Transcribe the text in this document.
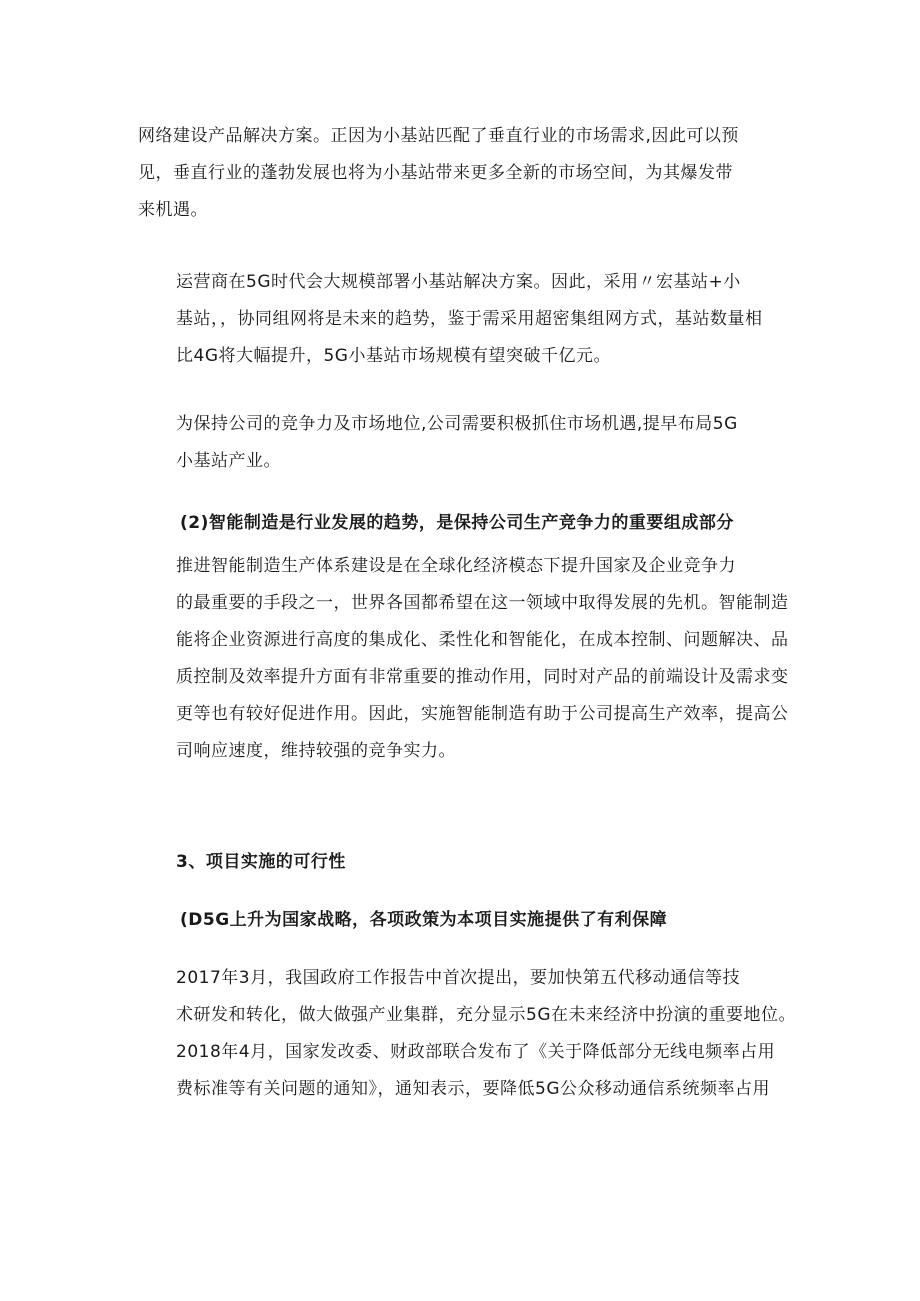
网络建设产品解决方案。正因为小基站匹配了垂直行业的市场需求,因此可以预
见，垂直行业的蓬勃发展也将为小基站带来更多全新的市场空间，为其爆发带
来机遇。

运营商在5G时代会大规模部署小基站解决方案。因此，采用〃宏基站+小
基站，，协同组网将是未来的趋势，鉴于需采用超密集组网方式，基站数量相
比4G将大幅提升，5G小基站市场规模有望突破千亿元。

为保持公司的竞争力及市场地位,公司需要积极抓住市场机遇,提早布局5G
小基站产业。

(2)智能制造是行业发展的趋势，是保持公司生产竞争力的重要组成部分

推进智能制造生产体系建设是在全球化经济模态下提升国家及企业竞争力
的最重要的手段之一，世界各国都希望在这一领域中取得发展的先机。智能制造
能将企业资源进行高度的集成化、柔性化和智能化，在成本控制、问题解决、品
质控制及效率提升方面有非常重要的推动作用，同时对产品的前端设计及需求变
更等也有较好促进作用。因此，实施智能制造有助于公司提高生产效率，提高公
司响应速度，维持较强的竞争实力。

3、项目实施的可行性
(D5G上升为国家战略，各项政策为本项目实施提供了有利保障

2017年3月，我国政府工作报告中首次提出，要加快第五代移动通信等技
术研发和转化，做大做强产业集群，充分显示5G在未来经济中扮演的重要地位。
2018年4月，国家发改委、财政部联合发布了《关于降低部分无线电频率占用
费标准等有关问题的通知》，通知表示，要降低5G公众移动通信系统频率占用
